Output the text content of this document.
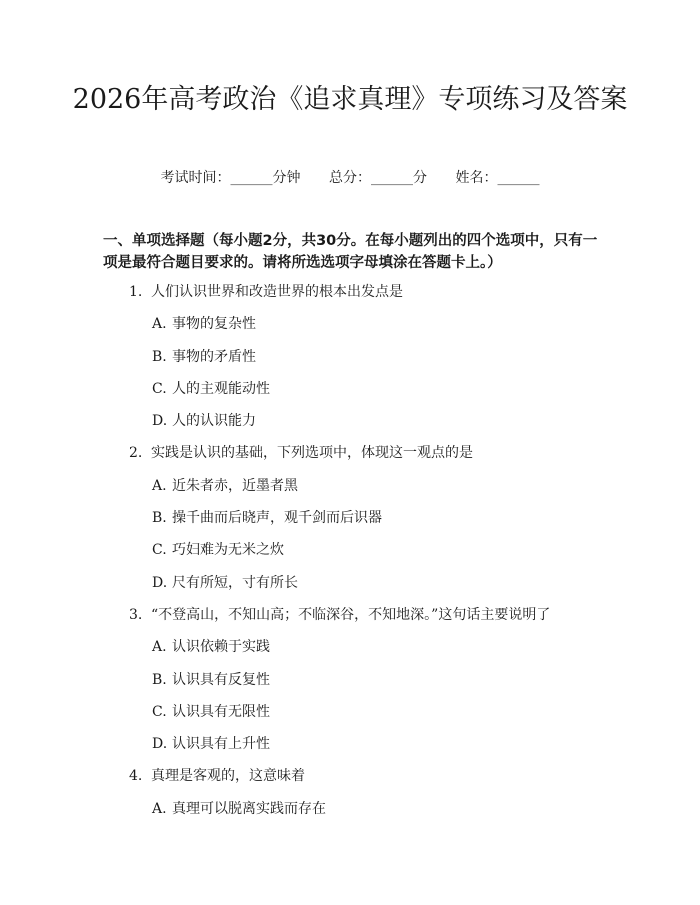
2026年高考政治《追求真理》专项练习及答案
考试时间：______分钟 总分：______分 姓名：______

一、单项选择题（每小题2分，共30分。在每小题列出的四个选项中，只有一项是最符合题目要求的。请将所选选项字母填涂在答题卡上。）

1. 人们认识世界和改造世界的根本出发点是
A. 事物的复杂性
B. 事物的矛盾性
C. 人的主观能动性
D. 人的认识能力
2. 实践是认识的基础，下列选项中，体现这一观点的是
A. 近朱者赤，近墨者黑
B. 操千曲而后晓声，观千剑而后识器
C. 巧妇难为无米之炊
D. 尺有所短，寸有所长
3. “不登高山，不知山高；不临深谷，不知地深。”这句话主要说明了
A. 认识依赖于实践
B. 认识具有反复性
C. 认识具有无限性
D. 认识具有上升性
4. 真理是客观的，这意味着
A. 真理可以脱离实践而存在
